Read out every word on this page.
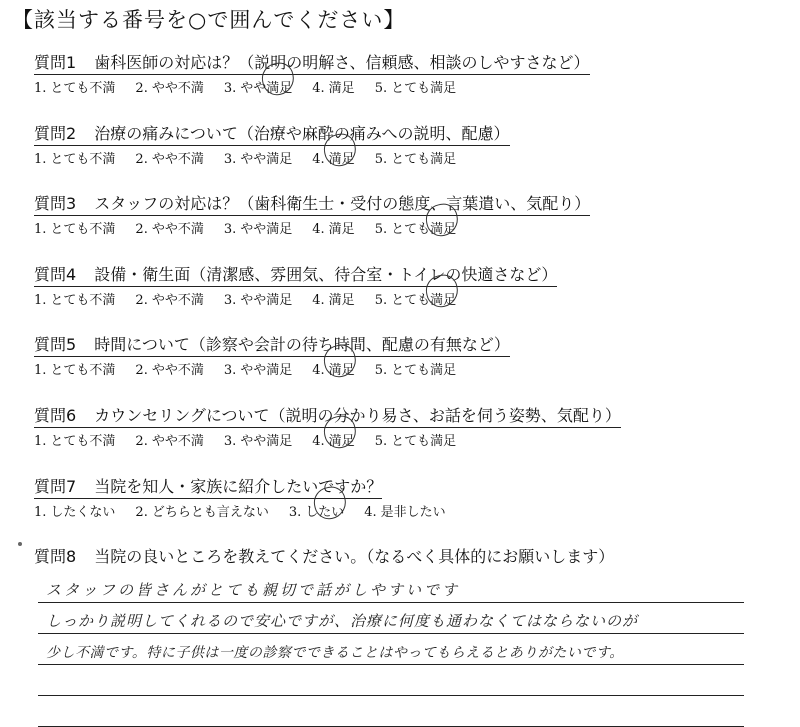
【該当する番号を○で囲んでください】
質問1 歯科医師の対応は？（説明の明解さ、信頼感、相談のしやすさなど）
1. とても不満 2. やや不満 3. やや満足 4. 満足 5. とても満足
質問2 治療の痛みについて（治療や麻酔の痛みへの説明、配慮）
1. とても不満 2. やや不満 3. やや満足 4. 満足 5. とても満足
質問3 スタッフの対応は？（歯科衛生士・受付の態度、言葉遣い、気配り）
1. とても不満 2. やや不満 3. やや満足 4. 満足 5. とても満足
質問4 設備・衛生面（清潔感、雰囲気、待合室・トイレの快適さなど）
1. とても不満 2. やや不満 3. やや満足 4. 満足 5. とても満足
質問5 時間について（診察や会計の待ち時間、配慮の有無など）
1. とても不満 2. やや不満 3. やや満足 4. 満足 5. とても満足
質問6 カウンセリングについて（説明の分かり易さ、お話を伺う姿勢、気配り）
1. とても不満 2. やや不満 3. やや満足 4. 満足 5. とても満足
質問7 当院を知人・家族に紹介したいですか？
1. したくない 2. どちらとも言えない 3. したい 4. 是非したい
質問8 当院の良いところを教えてください。（なるべく具体的にお願いします）
スタッフの皆さんがとても親切で話がしやすいです
しっかり説明してくれるので安心ですが、治療に何度も通わなくてはならないのが
少し不満です。特に子供は一度の診察でできることはやってもらえるとありがたいです。
